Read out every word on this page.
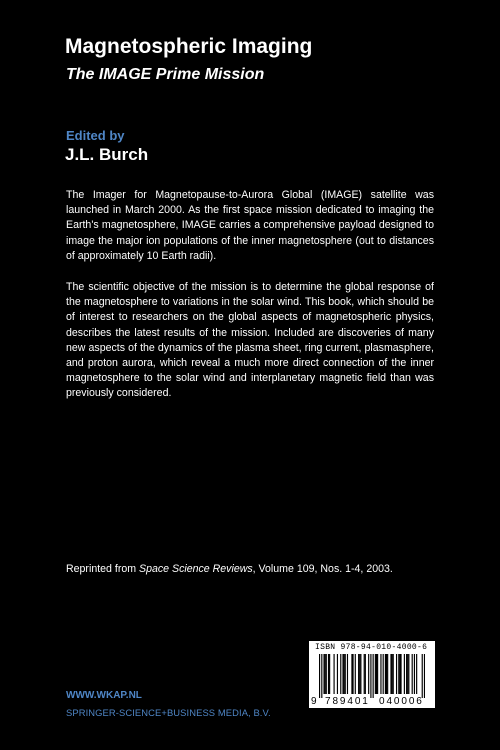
Magnetospheric Imaging
The IMAGE Prime Mission
Edited by
J.L. Burch

The Imager for Magnetopause-to-Aurora Global (IMAGE) satellite was launched in March 2000. As the first space mission dedicated to imaging the Earth's magnetosphere, IMAGE carries a comprehensive payload designed to image the major ion populations of the inner magnetosphere (out to distances of approximately 10 Earth radii).

The scientific objective of the mission is to determine the global response of the magnetosphere to variations in the solar wind. This book, which should be of interest to researchers on the global aspects of magnetospheric physics, describes the latest results of the mission. Included are discoveries of many new aspects of the dynamics of the plasma sheet, ring current, plasmasphere, and proton aurora, which reveal a much more direct connection of the inner magnetosphere to the solar wind and interplanetary magnetic field than was previously considered.

Reprinted from Space Science Reviews, Volume 109, Nos. 1-4, 2003.
ISBN 978-94-010-4000-6
9 789401 040006
WWW.WKAP.NL
SPRINGER-SCIENCE+BUSINESS MEDIA, B.V.
